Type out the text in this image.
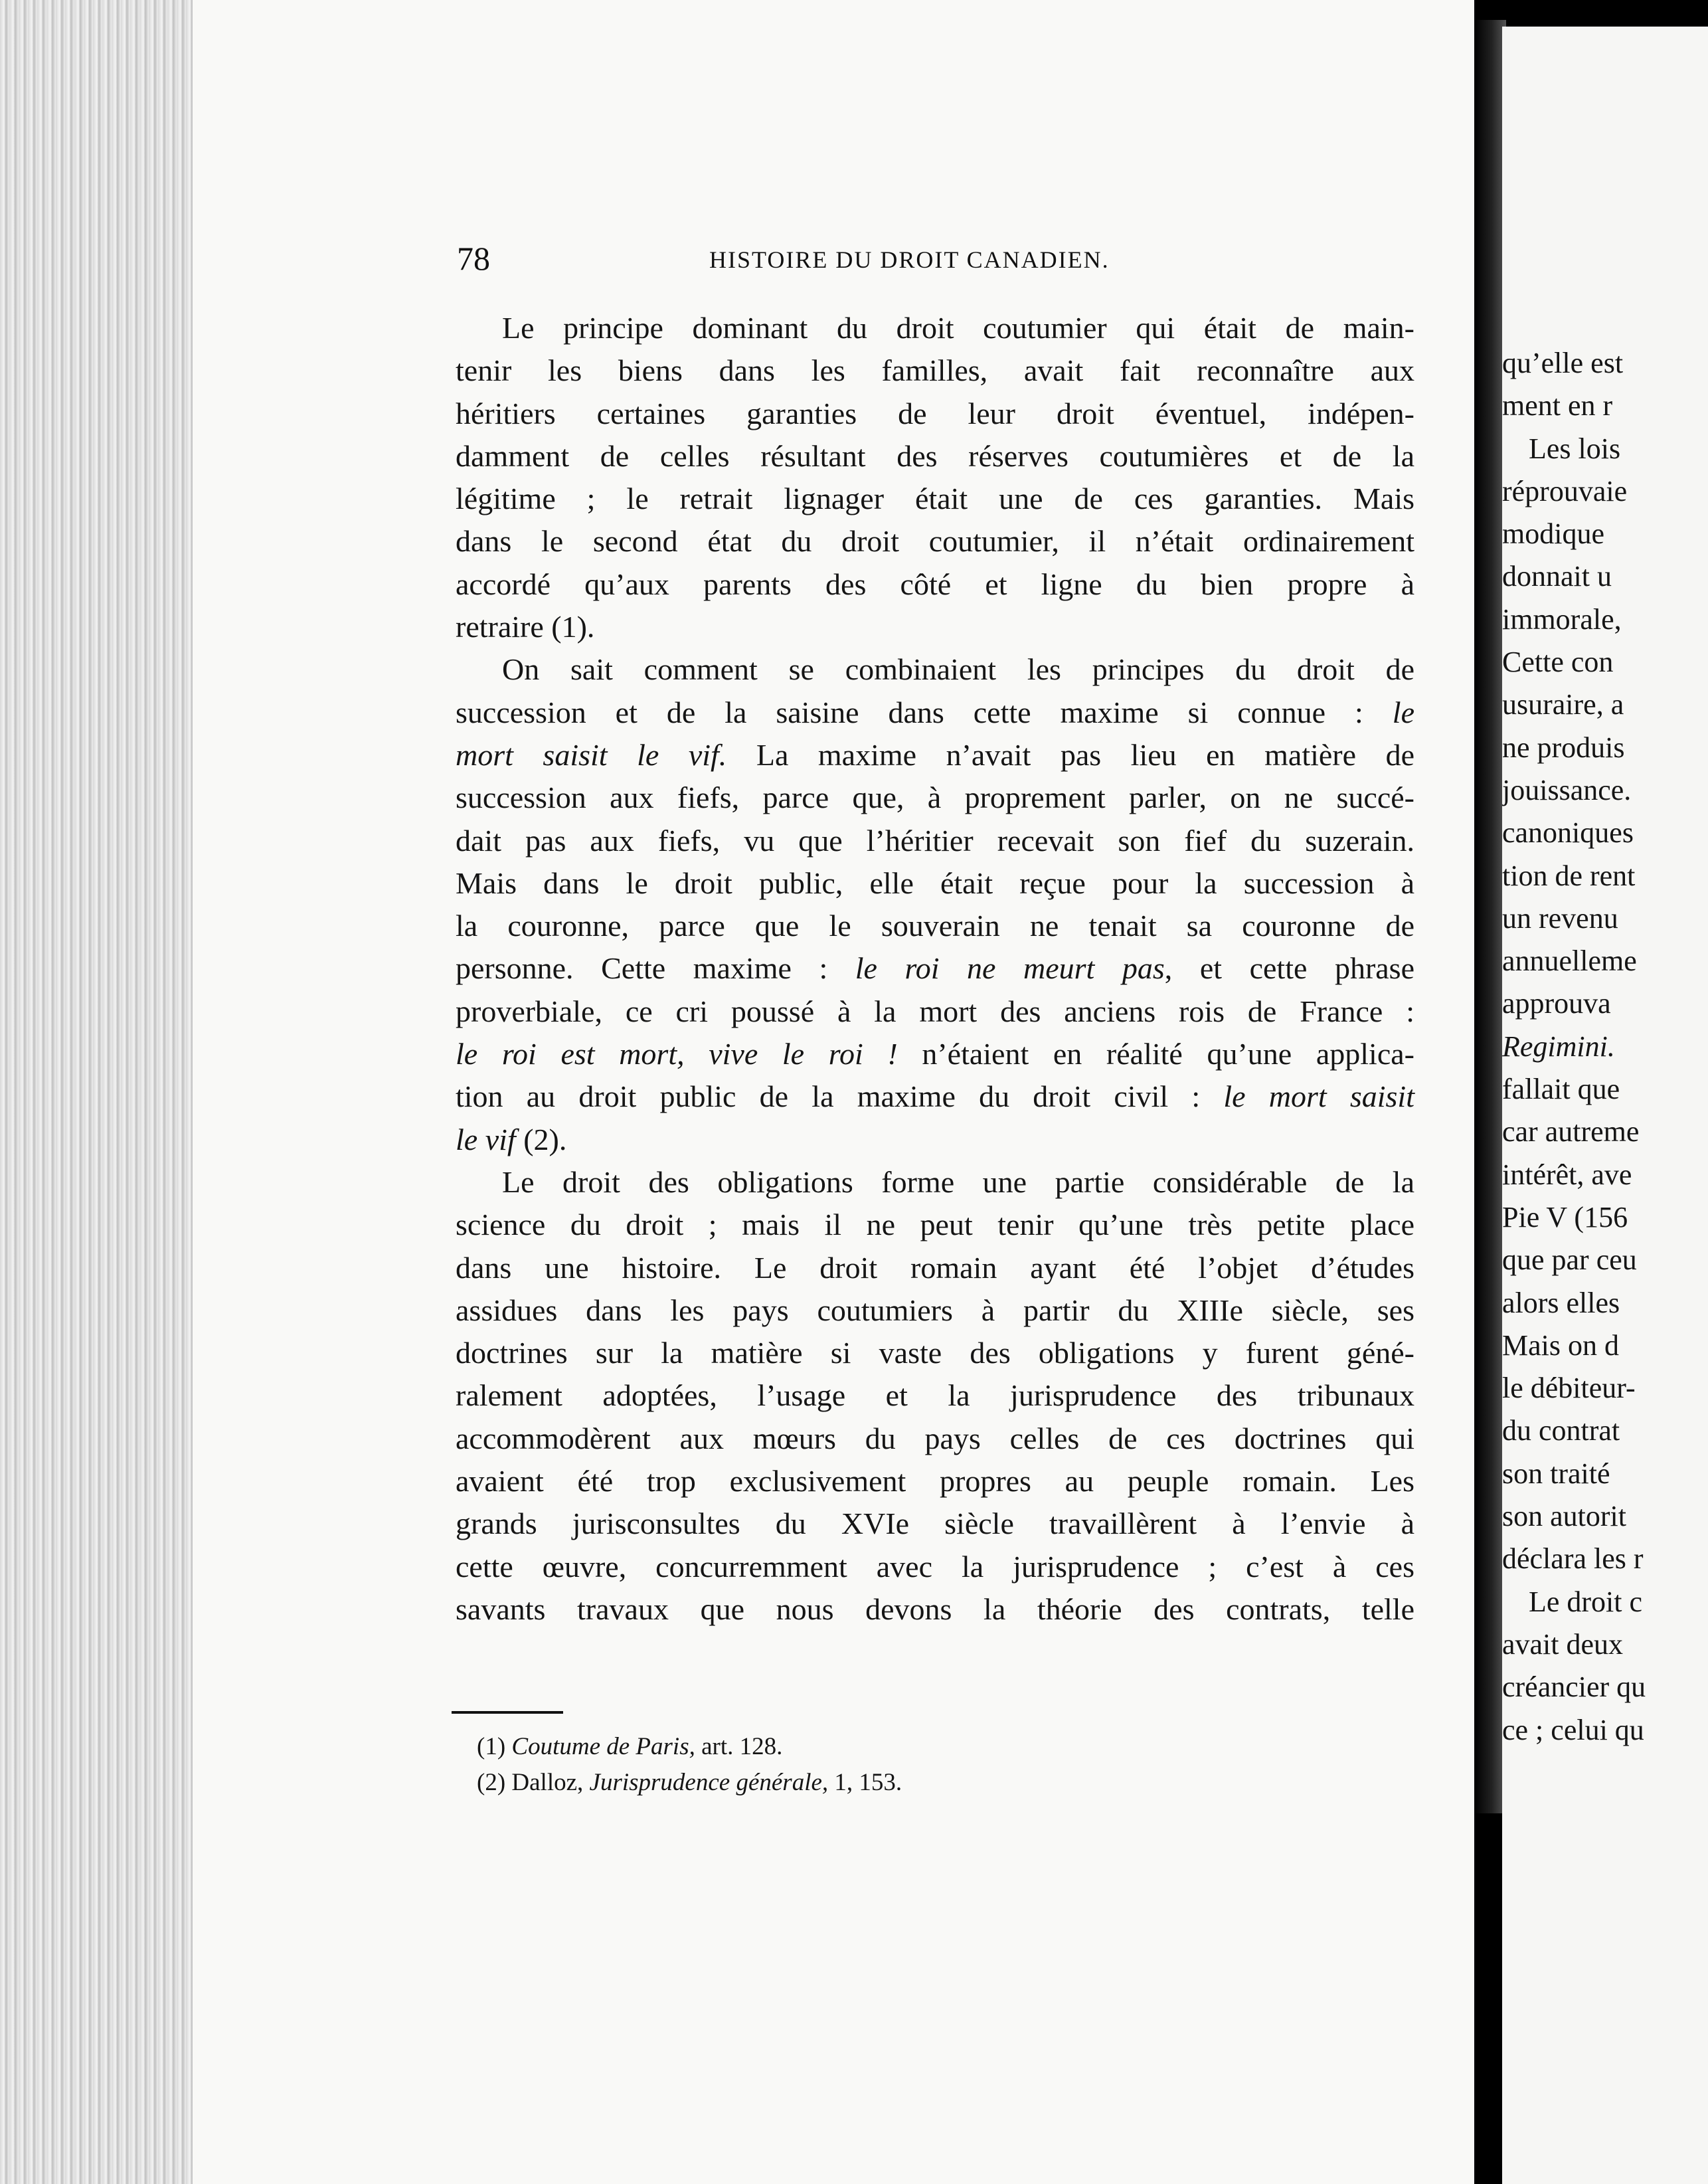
78	HISTOIRE DU DROIT CANADIEN.
Le principe dominant du droit coutumier qui était de main-
tenir les biens dans les familles, avait fait reconnaître aux
héritiers certaines garanties de leur droit éventuel, indépen-
damment de celles résultant des réserves coutumières et de la
légitime ; le retrait lignager était une de ces garanties. Mais
dans le second état du droit coutumier, il n’était ordinairement
accordé qu’aux parents des côté et ligne du bien propre à
retraire (1).
On sait comment se combinaient les principes du droit de
succession et de la saisine dans cette maxime si connue : le
mort saisit le vif. La maxime n’avait pas lieu en matière de
succession aux fiefs, parce que, à proprement parler, on ne succé-
dait pas aux fiefs, vu que l’héritier recevait son fief du suzerain.
Mais dans le droit public, elle était reçue pour la succession à
la couronne, parce que le souverain ne tenait sa couronne de
personne. Cette maxime : le roi ne meurt pas, et cette phrase
proverbiale, ce cri poussé à la mort des anciens rois de France :
le roi est mort, vive le roi ! n’étaient en réalité qu’une applica-
tion au droit public de la maxime du droit civil : le mort saisit
le vif (2).
Le droit des obligations forme une partie considérable de la
science du droit ; mais il ne peut tenir qu’une très petite place
dans une histoire. Le droit romain ayant été l’objet d’études
assidues dans les pays coutumiers à partir du XIIIe siècle, ses
doctrines sur la matière si vaste des obligations y furent géné-
ralement adoptées, l’usage et la jurisprudence des tribunaux
accommodèrent aux mœurs du pays celles de ces doctrines qui
avaient été trop exclusivement propres au peuple romain. Les
grands jurisconsultes du XVIe siècle travaillèrent à l’envie à
cette œuvre, concurremment avec la jurisprudence ; c’est à ces
savants travaux que nous devons la théorie des contrats, telle
(1) Coutume de Paris, art. 128.
(2) Dalloz, Jurisprudence générale, 1, 153.
qu’elle est
ment en r
Les lois
réprouvaie
modique
donnait u
immorale,
Cette con
usuraire, a
ne produis
jouissance.
canoniques
tion de rent
un revenu
annuelleme
approuva
Regimini.
fallait que
car autreme
intérêt, ave
Pie V (156
que par ceu
alors elles
Mais on d
le débiteur-
du contrat
son traité
son autorit
déclara les r
Le droit c
avait deux
créancier qu
ce ; celui qu
